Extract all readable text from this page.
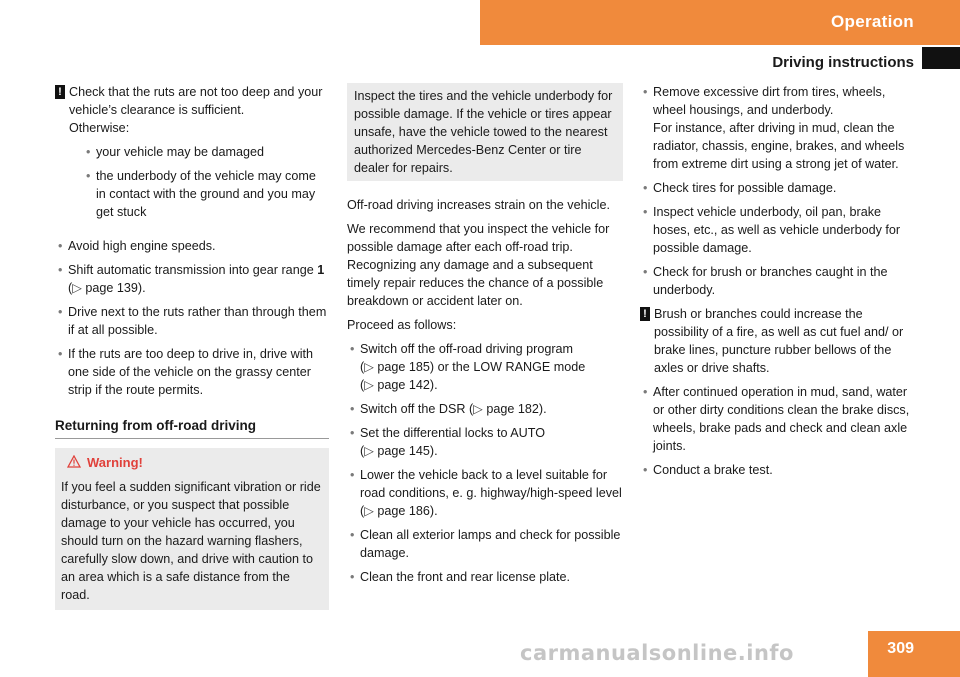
Operation
Driving instructions
! Check that the ruts are not too deep and your vehicle’s clearance is sufficient.

Otherwise:

• your vehicle may be damaged

• the underbody of the vehicle may come in contact with the ground and you may get stuck

• Avoid high engine speeds.

• Shift automatic transmission into gear range 1 (▷ page 139).

• Drive next to the ruts rather than through them if at all possible.

• If the ruts are too deep to drive in, drive with one side of the vehicle on the grassy center strip if the route permits.

Returning from off-road driving
Warning!

If you feel a sudden significant vibration or ride disturbance, or you suspect that possible damage to your vehicle has occurred, you should turn on the hazard warning flashers, carefully slow down, and drive with caution to an area which is a safe distance from the road.

Inspect the tires and the vehicle underbody for possible damage. If the vehicle or tires appear unsafe, have the vehicle towed to the nearest authorized Mercedes-Benz Center or tire dealer for repairs.

Off-road driving increases strain on the vehicle.

We recommend that you inspect the vehicle for possible damage after each off-road trip. Recognizing any damage and a subsequent timely repair reduces the chance of a possible breakdown or accident later on.

Proceed as follows:

• Switch off the off-road driving program
(▷ page 185) or the LOW RANGE mode
(▷ page 142).

• Switch off the DSR (▷ page 182).

• Set the differential locks to AUTO
(▷ page 145).

• Lower the vehicle back to a level suitable for road conditions, e. g. highway/high-speed level (▷ page 186).

• Clean all exterior lamps and check for possible damage.

• Clean the front and rear license plate.

• Remove excessive dirt from tires, wheels, wheel housings, and underbody.
For instance, after driving in mud, clean the radiator, chassis, engine, brakes, and wheels from extreme dirt using a strong jet of water.

• Check tires for possible damage.

• Inspect vehicle underbody, oil pan, brake hoses, etc., as well as vehicle underbody for possible damage.

• Check for brush or branches caught in the underbody.

! Brush or branches could increase the possibility of a fire, as well as cut fuel and/ or brake lines, puncture rubber bellows of the axles or drive shafts.

• After continued operation in mud, sand, water or other dirty conditions clean the brake discs, wheels, brake pads and check and clean axle joints.

• Conduct a brake test.

309
carmanualsonline.info
